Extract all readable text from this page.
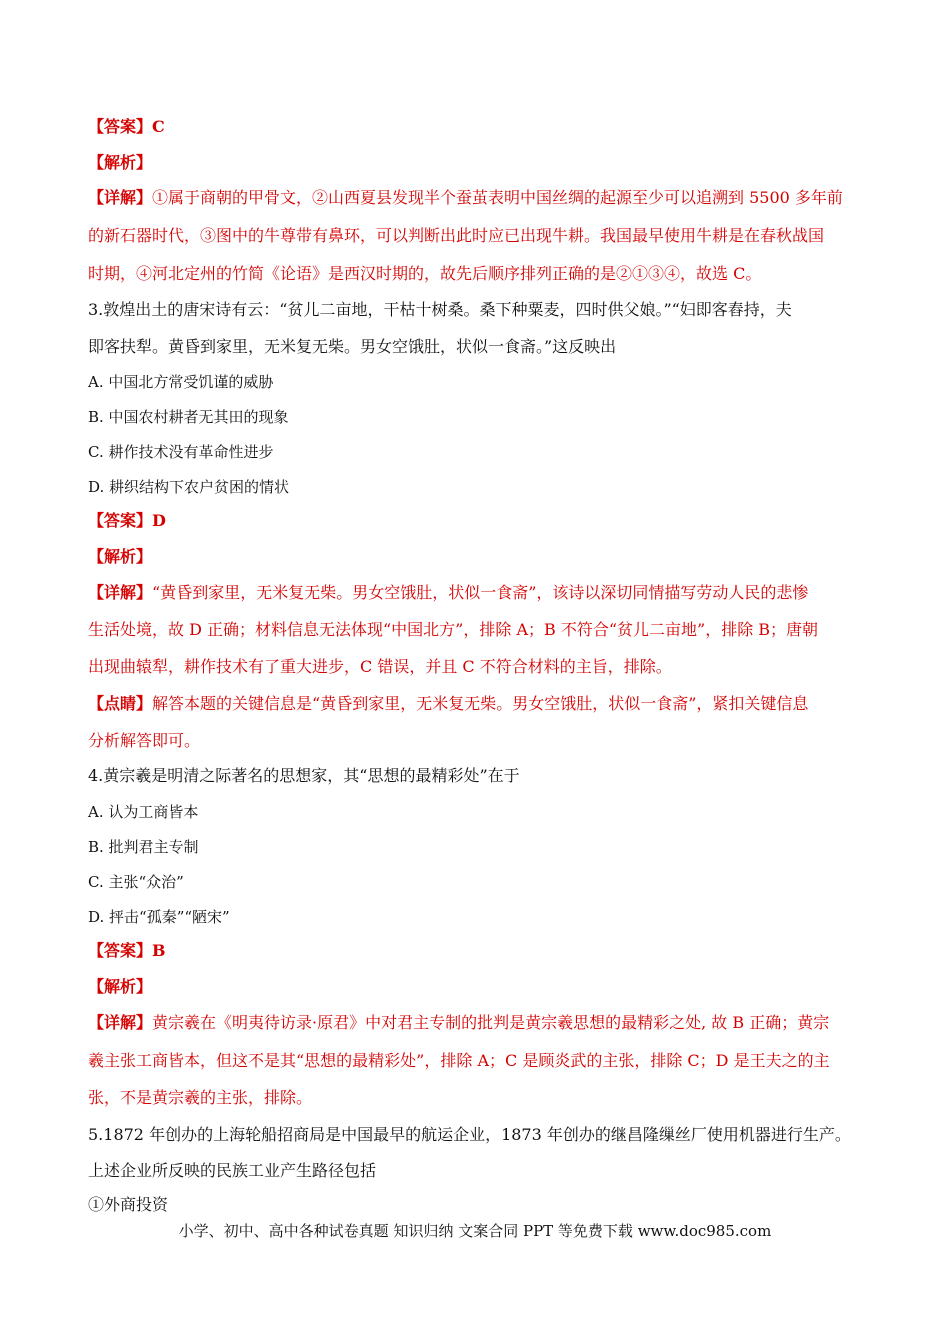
【答案】C
【解析】
【详解】①属于商朝的甲骨文，②山西夏县发现半个蚕茧表明中国丝绸的起源至少可以追溯到 5500 多年前
的新石器时代，③图中的牛尊带有鼻环，可以判断出此时应已出现牛耕。我国最早使用牛耕是在春秋战国
时期，④河北定州的竹简《论语》是西汉时期的，故先后顺序排列正确的是②①③④，故选 C。
3.敦煌出土的唐宋诗有云：“贫儿二亩地，干枯十树桑。桑下种粟麦，四时供父娘。”“妇即客舂持，夫
即客扶犁。黄昏到家里，无米复无柴。男女空饿肚，状似一食斋。”这反映出
A. 中国北方常受饥谨的威胁
B. 中国农村耕者无其田的现象
C. 耕作技术没有革命性进步
D. 耕织结构下农户贫困的情状
【答案】D
【解析】
【详解】“黄昏到家里，无米复无柴。男女空饿肚，状似一食斋”，该诗以深切同情描写劳动人民的悲惨
生活处境，故 D 正确；材料信息无法体现“中国北方”，排除 A；B 不符合“贫儿二亩地”，排除 B；唐朝
出现曲辕犁，耕作技术有了重大进步，C 错误，并且 C 不符合材料的主旨，排除。
【点睛】解答本题的关键信息是“黄昏到家里，无米复无柴。男女空饿肚，状似一食斋”，紧扣关键信息
分析解答即可。
4.黄宗羲是明清之际著名的思想家，其“思想的最精彩处”在于
A. 认为工商皆本
B. 批判君主专制
C. 主张“众治”
D. 抨击“孤秦”“陋宋”
【答案】B
【解析】
【详解】黄宗羲在《明夷待访录·原君》中对君主专制的批判是黄宗羲思想的最精彩之处, 故 B 正确；黄宗
羲主张工商皆本，但这不是其“思想的最精彩处”，排除 A；C 是顾炎武的主张，排除 C；D 是王夫之的主
张，不是黄宗羲的主张，排除。
5.1872 年创办的上海轮船招商局是中国最早的航运企业，1873 年创办的继昌隆缫丝厂使用机器进行生产。
上述企业所反映的民族工业产生路径包括
①外商投资
小学、初中、高中各种试卷真题 知识归纳 文案合同 PPT 等免费下载 www.doc985.com
